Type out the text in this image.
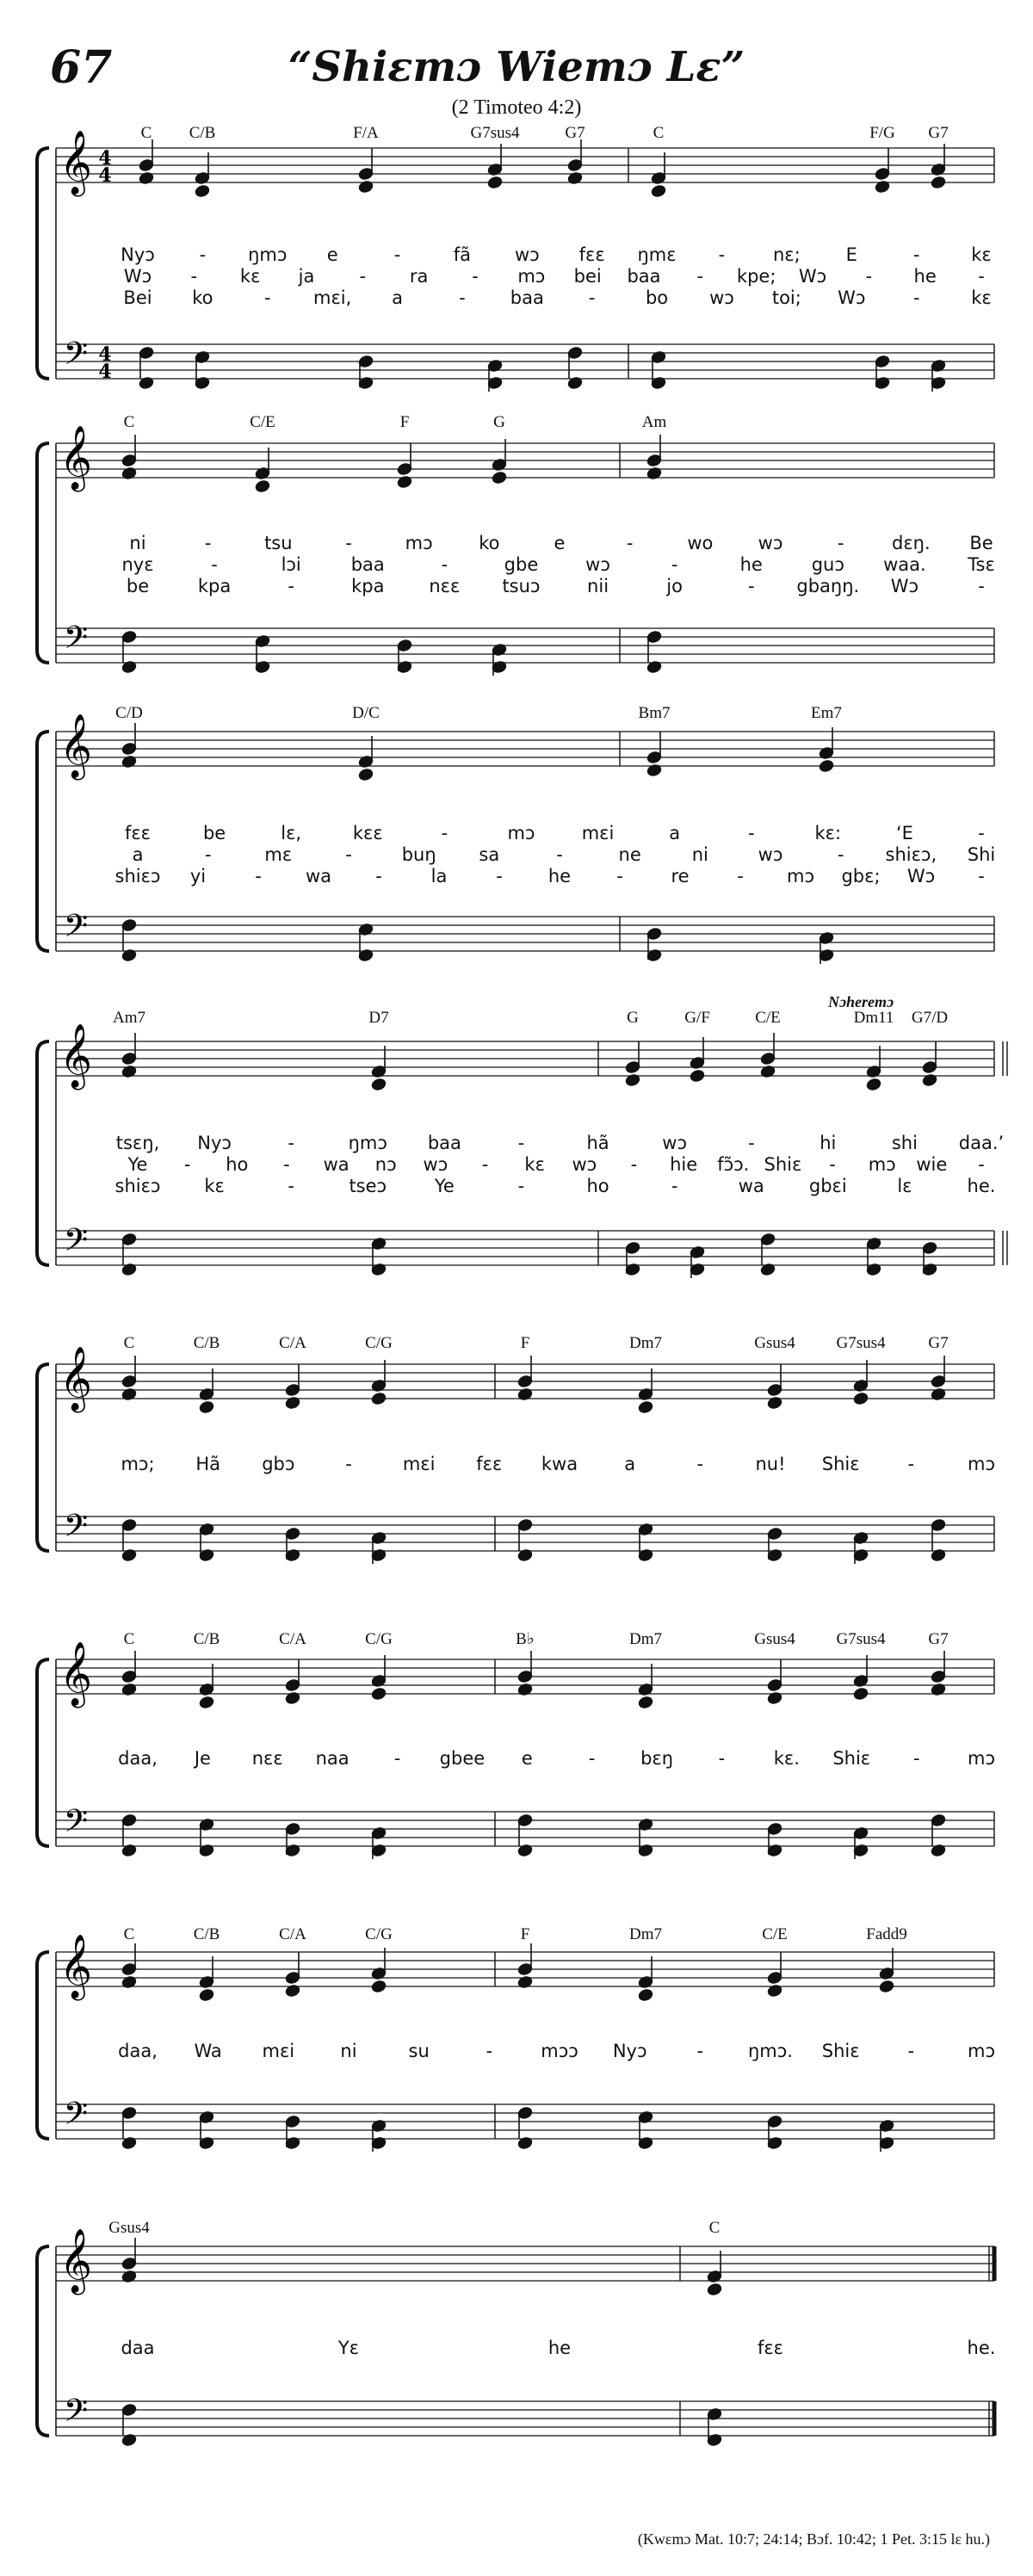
67	“Shiɛmɔ Wiemɔ Lɛ”
(2 Timoteo 4:2)
𝄞
𝄢
4
4
4
4
C C/B	F/A	G7sus4	G7	C	F/G G7
Nyɔ - ŋmɔ e	-	fã wɔ fɛɛ ŋmɛ -	nɛ;	E	-	kɛ
Wɔ - kɛ ja - ra - mɔ bei baa - kpe; Wɔ - he -
Bei ko	- mɛi, a	- baa -	bo wɔ toi; Wɔ	-	kɛ
𝄞
𝄢
C	C/E	F	G	Am
ni	-	tsu	-	mɔ	ko	e	-	wo wɔ	-	dɛŋ. Be
nyɛ	-	lɔi	baa	-	gbe	wɔ	-	he	guɔ waa. Tsɛ
be	kpa	-	kpa nɛɛ tsuɔ	nii	jo	- gbaŋŋ. Wɔ	-
𝄞
𝄢
C/D	D/C	Bm7	Em7
fɛɛ	be	lɛ,	kɛɛ	-	mɔ	mɛi	a	-	kɛ:	‘E	-
a	-	mɛ	-	buŋ sa	-	ne	ni	wɔ	- shiɛɔ, Shi
shiɛɔ yi	- wa -	la	-	he	-	re	- mɔ gbɛ; Wɔ -
𝄞
𝄢
Am7	D7	G	G/F	C/E	Dm11 G7/D
tsɛŋ, Nyɔ	-	ŋmɔ baa	-	hã	wɔ	-	hi	shi daa.’
Ye - ho - wa nɔ wɔ - kɛ wɔ - hie fɔ̃ɔ. Shiɛ - mɔ wie -
shiɛɔ kɛ	-	tseɔ	Ye	-	ho	-	wa gbɛi	lɛ	he.
𝄞
𝄢
C	C/B	C/A	C/G	F	Dm7	Gsus4	G7sus4	G7
mɔ; Hã gbɔ	-	mɛi fɛɛ kwa	a	-	nu! Shiɛ	-	mɔ
𝄞
𝄢
C	C/B	C/A	C/G	B♭	Dm7	Gsus4	G7sus4	G7
daa, Je nɛɛ naa - gbee e	-	bɛŋ	-	kɛ. Shiɛ -	mɔ
𝄞
𝄢
C	C/B	C/A	C/G	F	Dm7	C/E	Fadd9
daa, Wa mɛi	ni	su	-	mɔɔ Nyɔ	- ŋmɔ. Shiɛ	-	mɔ
𝄞
𝄢
Gsus4	C
daa	Yɛ	he	fɛɛ	he.
Nɔheremɔ
(Kwɛmɔ Mat. 10:7; 24:14; Bɔf. 10:42; 1 Pet. 3:15 lɛ hu.)
